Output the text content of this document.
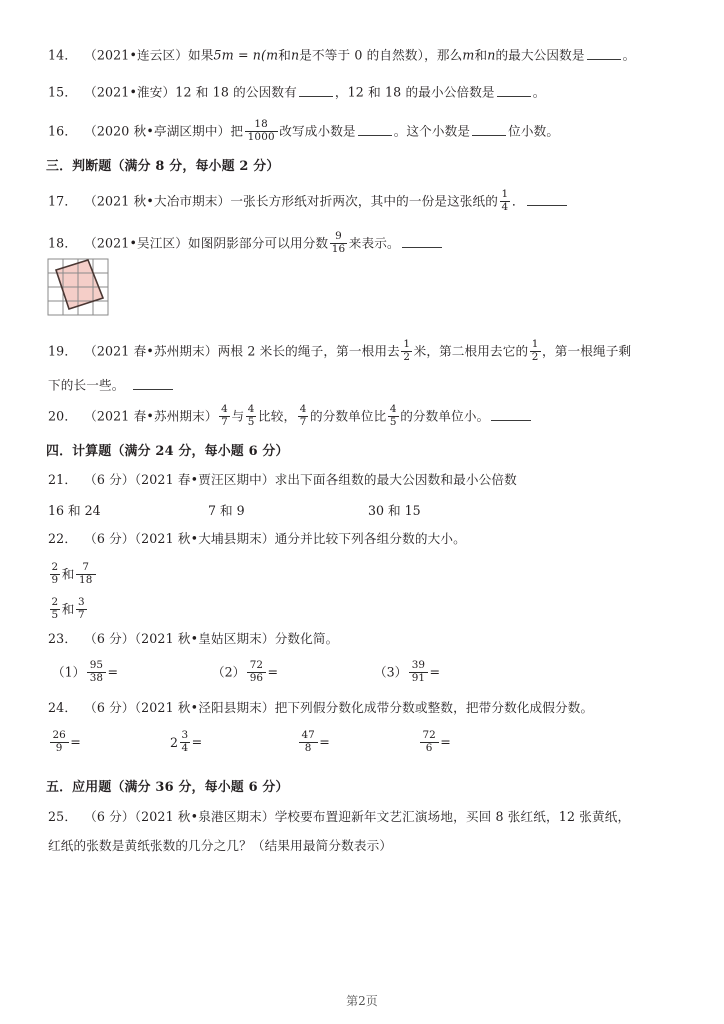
14． （2021•连云区）如果5m = n(m和n是不等于 0 的自然数），那么m和n的最大公因数是	。
15． （2021•淮安）12 和 18 的公因数有	，12 和 18 的最小公倍数是	。
16． （2020 秋•亭湖区期中）把 $\frac{18}{1000}$ 改写成小数是	。这个小数是	位小数。
三．判断题（满分 8 分，每小题 2 分）
17． （2021 秋•大冶市期末）一张长方形纸对折两次，其中的一份是这张纸的 $\frac{1}{4}$ ．
18． （2021•吴江区）如图阴影部分可以用分数 $\frac{9}{16}$ 来表示。
19． （2021 春•苏州期末）两根 2 米长的绳子，第一根用去 $\frac{1}{2}$ 米，第二根用去它的 $\frac{1}{2}$ ，第一根绳子剩
下的长一些。
20． （2021 春•苏州期末） $\frac{4}{7}$ 与 $\frac{4}{5}$ 比较， $\frac{4}{7}$ 的分数单位比 $\frac{4}{5}$ 的分数单位小。
四．计算题（满分 24 分，每小题 6 分）
21． （6 分）（2021 春•贾汪区期中）求出下面各组数的最大公因数和最小公倍数
16 和 24	7 和 9	30 和 15
22． （6 分）（2021 秋•大埔县期末）通分并比较下列各组分数的大小。
$\frac{2}{9}$ 和 $\frac{7}{18}$
$\frac{2}{5}$ 和 $\frac{3}{7}$
23． （6 分）（2021 秋•皇姑区期末）分数化简。
$(1) \frac{95}{38}$ =	$(2) \frac{72}{96}$ =	$(3) \frac{39}{91}$ =
24． （6 分）（2021 秋•泾阳县期末）把下列假分数化成带分数或整数，把带分数化成假分数。
$\frac{26}{9}$ =	$2 \frac{3}{4}$ =	$\frac{47}{8}$ =	$\frac{72}{6}$ =
五．应用题（满分 36 分，每小题 6 分）
25． （6 分）（2021 秋•泉港区期末）学校要布置迎新年文艺汇演场地，买回 8 张红纸，12 张黄纸，
红纸的张数是黄纸张数的几分之几？（结果用最简分数表示）
第2页
